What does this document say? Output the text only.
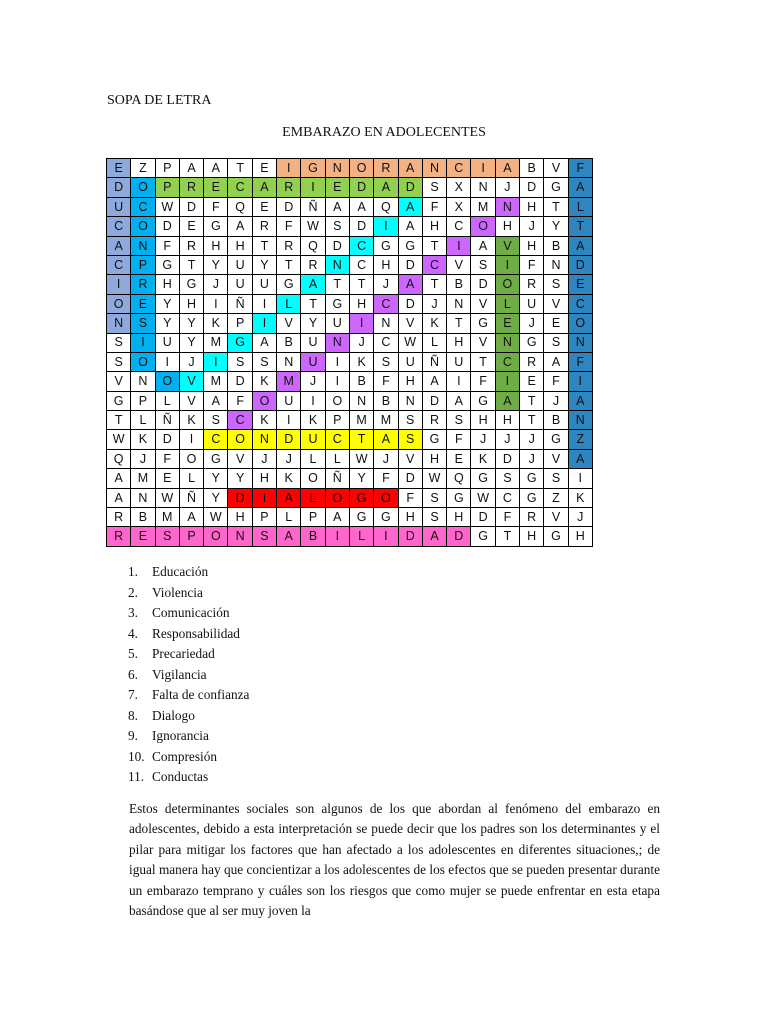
SOPA DE LETRA
EMBARAZO EN ADOLECENTES
E	Z	P	A	A	T	E	I	G	N	O	R	A	N	C	I	A	B	V	F
D	O	P	R	E	C	A	R	I	E	D	A	D	S	X	N	J	D	G	A
U	C	W	D	F	Q	E	D	Ñ	A	A	Q	A	F	X	M	N	H	T	L
C	O	D	E	G	A	R	F	W	S	D	I	A	H	C	O	H	J	Y	T
A	N	F	R	H	H	T	R	Q	D	C	G	G	T	I	A	V	H	B	A
C	P	G	T	Y	U	Y	T	R	N	C	H	D	C	V	S	I	F	N	D
I	R	H	G	J	U	U	G	A	T	T	J	A	T	B	D	O	R	S	E
O	E	Y	H	I	Ñ	I	L	T	G	H	C	D	J	N	V	L	U	V	C
N	S	Y	Y	K	P	I	V	Y	U	I	N	V	K	T	G	E	J	E	O
S	I	U	Y	M	G	A	B	U	N	J	C	W	L	H	V	N	G	S	N
S	O	I	J	I	S	S	N	U	I	K	S	U	Ñ	U	T	C	R	A	F
V	N	O	V	M	D	K	M	J	I	B	F	H	A	I	F	I	E	F	I
G	P	L	V	A	F	O	U	I	O	N	B	N	D	A	G	A	T	J	A
T	L	Ñ	K	S	C	K	I	K	P	M	M	S	R	S	H	H	T	B	N
W	K	D	I	C	O	N	D	U	C	T	A	S	G	F	J	J	J	G	Z
Q	J	F	O	G	V	J	J	L	L	W	J	V	H	E	K	D	J	V	A
A	M	E	L	Y	Y	H	K	O	Ñ	Y	F	D	W	Q	G	S	G	S	I
A	N	W	Ñ	Y	D	I	A	L	O	G	O	F	S	G	W	C	G	Z	K
R	B	M	A	W	H	P	L	P	A	G	G	H	S	H	D	F	R	V	J
R	E	S	P	O	N	S	A	B	I	L	I	D	A	D	G	T	H	G	H
1. Educación
2. Violencia
3. Comunicación
4. Responsabilidad
5. Precariedad
6. Vigilancia
7. Falta de confianza
8. Dialogo
9. Ignorancia
10. Compresión
11. Conductas

Estos determinantes sociales son algunos de los que abordan al fenómeno del embarazo en adolescentes, debido a esta interpretación se puede decir que los padres son los determinantes y el pilar para mitigar los factores que han afectado a los adolescentes en diferentes situaciones,; de igual manera hay que concientizar a los adolescentes de los efectos que se pueden presentar durante un embarazo temprano y cuáles son los riesgos que como mujer se puede enfrentar en esta etapa basándose que al ser muy joven la
